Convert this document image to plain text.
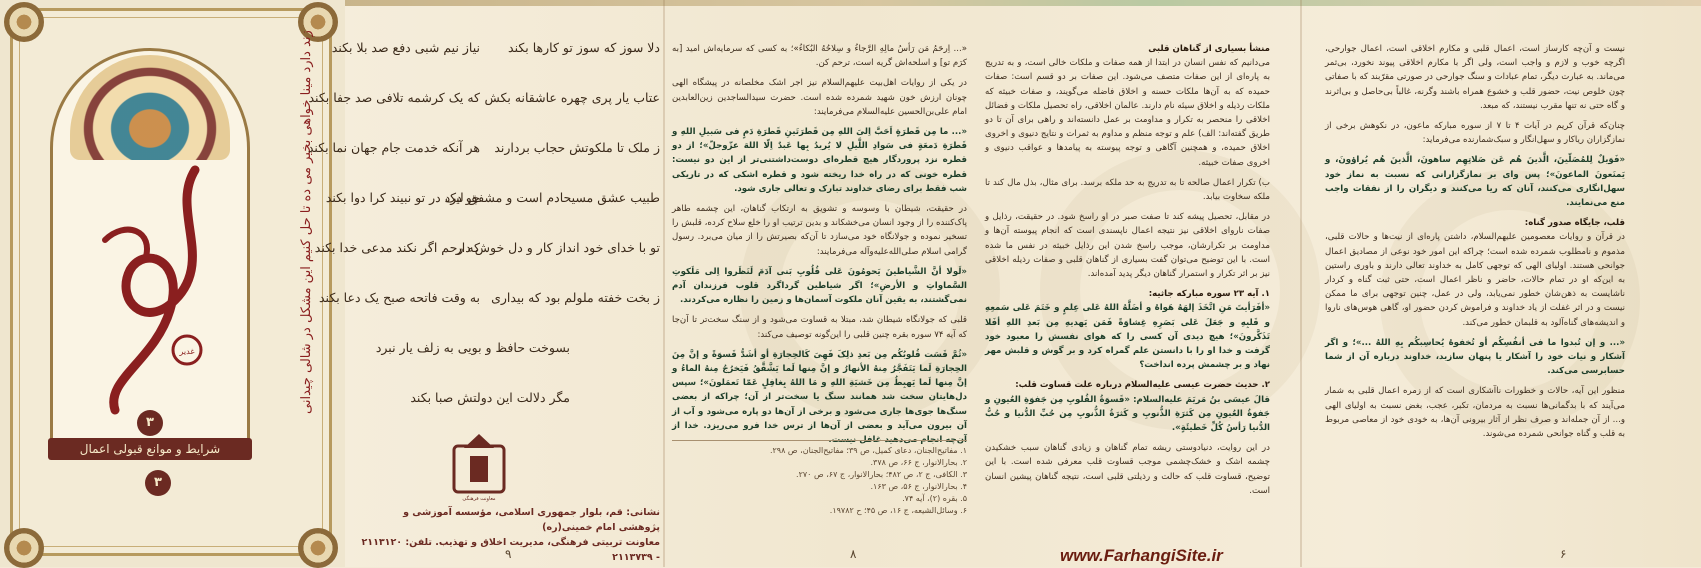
غدیر	زند دارد مینا خواهی بخیر می ده تا حل کنیم این مشکل در شالی چیدانی
۳
شرایط و موانع قبولی اعمال
۳
دلا سوز که سوز تو کارها بکند
نیاز نیم شبی دفع صد بلا بکند
عتاب یار پری چهره عاشقانه بکش
که یک کرشمه تلافی صد جفا بکند
ز ملک تا ملکوتش حجاب بردارند
هر آنکه خدمت جام جهان نما بکند
طبیب عشق مسیحادم است و مشفق لیک
چو درد در تو نبیند کرا دوا بکند
تو با خدای خود انداز کار و دل خوش دار
که رحم اگر نکند مدعی خدا بکند
ز بخت خفته ملولم بود که بیداری
به وقت فاتحه صبح یک دعا بکند
بسوخت حافظ و بویی به زلف یار نبرد
مگر دلالت این دولتش صبا بکند
معاونت فرهنگی
نشانی: قم، بلوار جمهوری اسلامی، مؤسسه آموزشی و پژوهشی امام خمینی(ره)
معاونت تربیتی فرهنگی، مدیریت اخلاق و تهذیب. تلفن: ۲۱۱۳۱۲۰ - ۲۱۱۳۷۳۹

«... اِرحَمُ مَن رَأسُ مالِهِ الرَّجاءُ و سِلاحُهُ البُکاءُ»؛ به کسی که سرمایه‌اش امید [به کرَم تو] و اسلحه‌اش گریه است، ترحم کن.

در یکی از روایات اهل‌بیت علیهم‌السلام نیز اجر اشک مخلصانه در پیشگاه الهی چونان ارزش خون شهید شمرده شده است. حضرت سیدالساجدین زین‌العابدین امام علی‌بن‌الحسین علیه‌السلام می‌فرمایند:

«... ما مِن قَطرَةٍ اَحَبَّ اِلیَ اللهِ مِن قَطرَتَینِ قَطرَةِ دَمٍ فی سَبیلِ اللهِ و قَطرَةِ دَمعَةٍ فی سَوادِ اللَّیلِ لا یُریدُ بِها عَبدٌ اِلّا اللهَ عزّوجلّ»؛ از دو قطره نزد پروردگار هیچ قطره‌ای دوست‌داشتنی‌تر از این دو نیست: قطره خونی که در راه خدا ریخته شود و قطره اشکی که در تاریکی شب فقط برای رضای خداوند تبارک و تعالی جاری شود.

در حقیقت، شیطان با وسوسه و تشویق به ارتکاب گناهان، این چشمه طاهر پاک‌کننده را از وجود انسان می‌خشکاند و بدین ترتیب او را خلع سلاح کرده، قلبش را تسخیر نموده و جولانگاه خود می‌سازد تا آن‌که بصیرتش را از میان می‌برد. رسول گرامی اسلام صلی‌الله‌علیه‌وآله می‌فرمایند:

«لَولا أنَّ الشَّیاطینَ یَحومُونَ عَلی قُلُوبِ بَنی آدَمَ لَنَظَروا اِلی مَلَکوتِ السَّماواتِ و الأرضِ»؛ اگر شیاطین گرداگرد قلوب فرزندان آدم نمی‌گشتند، به یقین آنان ملکوت آسمان‌ها و زمین را نظاره می‌کردند.

قلبی که جولانگاه شیطان شد، مبتلا به قساوت می‌شود و از سنگ سخت‌تر تا آن‌جا که آیه ۷۴ سوره بقره چنین قلبی را این‌گونه توصیف می‌کند:

«ثُمَّ قَسَت قُلوبُکُم مِن بَعدِ ذلِکَ فَهِیَ کَالحِجارَةِ أو أشَدُّ قَسوَةً و إنَّ مِنَ الحِجارَةِ لَما یَتَفَجَّرُ مِنهُ الأنهارُ و إنَّ مِنها لَما یَشَّقَّقُ فَیَخرُجُ مِنهُ الماءُ و إنَّ مِنها لَما یَهبِطُ مِن خَشیَةِ اللهِ و مَا اللهُ بِغافِلٍ عَمّا تَعمَلونَ»؛ سپس دل‌هایتان سخت شد همانند سنگ یا سخت‌تر از آن؛ چراکه از بعضی سنگ‌ها جوی‌ها جاری می‌شود و برخی از آن‌ها دو پاره می‌شود و آب از آن بیرون می‌آید و بعضی از آن‌ها از ترس خدا فرو می‌ریزد. خدا از آن‌چه انجام می‌دهید غافل نیست.

۱. مفاتیح‌الجنان، دعای کمیل، ص ۳۹؛ مفاتیح‌الجنان، ص ۲۹۸.
۲. بحارالانوار، ج ۶۶، ص ۳۷۸.
۳. الکافی، ج ۲، ص ۴۸۲؛ بحارالانوار، ج ۶۷، ص ۲۷۰.
۴. بحارالانوار، ج ۵۶، ص ۱۶۳.
۵. بقره (۲)، آیه ۷۴.
۶. وسائل‌الشیعه، ج ۱۶، ص ۴۵؛ ح ۱۹۷۸۲.
منشأ بسیاری از گناهان قلبی

می‌دانیم که نفس انسان در ابتدا از همه صفات و ملکات خالی است، و به تدریج به پاره‌ای از این صفات متصف می‌شود. این صفات بر دو قسم است: صفات حمیده که به آن‌ها ملکات حسنه و اخلاق فاضله می‌گویند، و صفات خبیثه که ملکات رذیله و اخلاق سیئه نام دارند. عالمان اخلاقی، راه تحصیل ملکات و فضائل اخلاقی را منحصر به تکرار و مداومت بر عمل دانسته‌اند و راهی برای آن تا دو طریق گفته‌اند: الف) علم و توجه منظم و مداوم به ثمرات و نتایج دنیوی و اخروی اخلاق حمیده، و همچنین آگاهی و توجه پیوسته به پیامدها و عواقب دنیوی و اخروی صفات خبیثه.

ب) تکرار اعمال صالحه تا به تدریج به حد ملکه برسد. برای مثال، بذل مال کند تا ملکه سخاوت بیابد.

در مقابل، تحصیل پیشه کند تا صفت صبر در او راسخ شود. در حقیقت، رذایل و صفات ناروای اخلاقی نیز نتیجه اعمال ناپسندی است که انجام پیوسته آن‌ها و مداومت بر تکرارشان، موجب راسخ شدن این رذایل خبیثه در نفس ما شده است. با این توضیح می‌توان گفت بسیاری از گناهان قلبی و صفات رذیله اخلاقی نیز بر اثر تکرار و استمرار گناهان دیگر پدید آمده‌اند.

۱. آیه ۲۳ سوره مبارکه جاثیه:

«أفَرَأیتَ مَنِ اتَّخَذَ إلهَهُ هَواهُ و أضَلَّهُ اللهُ عَلی عِلمٍ و خَتَمَ عَلی سَمعِهِ و قَلبِهِ و جَعَلَ عَلی بَصَرِهِ غِشاوَةً فَمَن یَهدیهِ مِن بَعدِ اللهِ أفَلا تَذَکَّرونَ»؛ هیچ دیدی آن کسی را که هوای نفسش را معبود خود گرفت و خدا او را با دانستن علم گمراه کرد و بر گوش و قلبش مهر نهاد و بر چشمش پرده انداخت؟

۲. حدیث حضرت عیسی علیه‌السلام درباره علت قساوت قلب:

قالَ عیسَی بنُ مَریَمَ علیه‌السلام: «قَسوَةُ القُلوبِ مِن جَفوَةِ العُیونِ و جَفوَةُ العُیونِ مِن کَثرَةِ الذُّنوبِ و کَثرَةُ الذُّنوبِ مِن حُبِّ الدُّنیا و حُبُّ الدُّنیا رَأسُ کُلِّ خَطیئَةٍ».

در این روایت، دنیادوستی ریشه تمام گناهان و زیادی گناهان سبب خشکیدن چشمه اشک و خشک‌چشمی موجب قساوت قلب معرفی شده است. با این توضیح، قساوت قلب که حالت و رذیلتی قلبی است، نتیجه گناهان پیشین انسان است.

نیست و آن‌چه کارساز است، اعمال قلبی و مکارم اخلاقی است، اعمال جوارحی، اگرچه خوب و لازم و واجب است، ولی اگر با مکارم اخلاقی پیوند نخورد، بی‌ثمر می‌ماند. به عبارت دیگر، تمام عبادات و سنگ جوارحی در صورتی مقرّبند که با صفاتی چون خلوص نیت، حضور قلب و خشوع همراه باشند وگرنه، غالباً بی‌حاصل و بی‌اثرند و گاه حتی نه تنها مقرب نیستند، که مبعد.

چنان‌که قرآن کریم در آیات ۴ تا ۷ از سوره مبارکه ماعون، در نکوهش برخی از نمازگزاران ریاکار و سهل‌انگار و سبک‌شمارنده می‌فرماید:

«فَوَیلٌ لِلمُصَلّینَ، الَّذینَ هُم عَن صَلاتِهِم ساهونَ، الَّذینَ هُم یُراؤونَ، و یَمنَعونَ الماعونَ»؛ پس وای بر نمازگزارانی که نسبت به نماز خود سهل‌انگاری می‌کنند، آنان که ریا می‌کنند و دیگران را از نفقات واجب منع می‌نمایند.

قلب، جایگاه صدور گناه:

در قرآن و روایات معصومین علیهم‌السلام، داشتن پاره‌ای از نیت‌ها و حالات قلبی، مذموم و نامطلوب شمرده شده است؛ چراکه این امور خود نوعی از مصادیق اعمال جوانحی هستند. اولیای الهی که توجهی کامل به خداوند تعالی دارند و باوری راستین به این‌که او در تمام حالات، حاضر و ناظر اعمال است، حتی ثبت گناه و کردار ناشایست به ذهن‌شان خطور نمی‌یابد، ولی در عمل، چنین توجهی برای ما ممکن نیست و در اثر غفلت از یاد خداوند و فراموش کردن حضور او، گاهی هوس‌های ناروا و اندیشه‌های گناه‌آلود به قلبمان خطور می‌کند.

«... و إن تُبدوا ما فی أنفُسِکُم أو تُخفوهُ یُحاسِبکُم بِهِ اللهُ ...»؛ و اگر آشکار و نیات خود را آشکار یا پنهان سازید، خداوند درباره آن از شما حسابرسی می‌کند.

منظور این آیه، حالات و خطورات ناآشکاری است که از زمره اعمال قلبی به شمار می‌آیند که با بدگمانی‌ها نسبت به مردمان، تکبر، عجب، بغض نسبت به اولیای الهی و... از آن جمله‌اند و صرف نظر از آثار بیرونی آن‌ها، به خودی خود از معاصی مربوط به قلب و گناه جوانحی شمرده می‌شوند.

۹	۸	۶
www.FarhangiSite.ir
